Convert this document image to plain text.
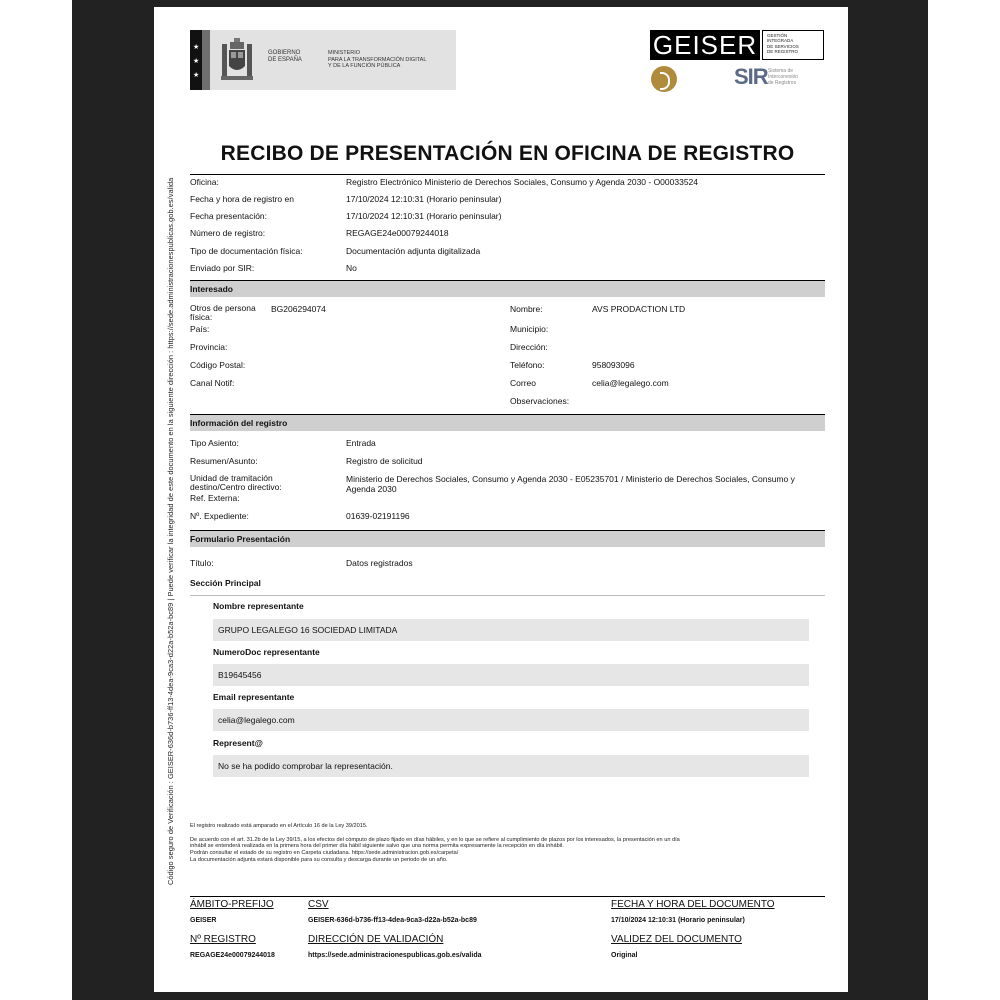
Código seguro de Verificación : GEISER-636d-b736-ff13-4dea-9ca3-d22a-b52a-bc89 | Puede verificar la integridad de este documento en la siguiente dirección : https://sede.administracionespublicas.gob.es/valida
★
★
★
GOBIERNO
DE ESPAÑA
MINISTERIO
PARA LA TRANSFORMACIÓN DIGITAL
Y DE LA FUNCIÓN PÚBLICA
GEISER	GESTIÓN
INTEGRADA
DE SERVICIOS
DE REGISTRO
SIR Sistema de
Interconexión
de Registros
RECIBO DE PRESENTACIÓN EN OFICINA DE REGISTRO
Oficina:	Registro Electrónico Ministerio de Derechos Sociales, Consumo y Agenda 2030 - O00033524
Fecha y hora de registro en	17/10/2024 12:10:31 (Horario peninsular)
Fecha presentación:	17/10/2024 12:10:31 (Horario peninsular)
Número de registro:	REGAGE24e00079244018
Tipo de documentación física:	Documentación adjunta digitalizada
Enviado por SIR:	No
Interesado
Otros de persona
física:
BG206294074
País:
Provincia:
Código Postal:
Canal Notif:
Nombre:	AVS PRODACTION LTD
Municipio:
Dirección:
Teléfono:	958093096
Correo	celia@legalego.com
Observaciones:
Información del registro
Tipo Asiento:	Entrada
Resumen/Asunto:	Registro de solicitud
Unidad de tramitación
destino/Centro directivo:
Ministerio de Derechos Sociales, Consumo y Agenda 2030 - E05235701 / Ministerio de Derechos Sociales, Consumo y Agenda 2030
Ref. Externa:
Nº. Expediente:	01639-02191196
Formulario Presentación
Título:	Datos registrados
Sección Principal
Nombre representante
GRUPO LEGALEGO 16 SOCIEDAD LIMITADA
NumeroDoc representante
B19645456
Email representante
celia@legalego.com
Represent@
No se ha podido comprobar la representación.
El registro realizado está amparado en el Artículo 16 de la Ley 39/2015.
De acuerdo con el art. 31.2b de la Ley 39/15, a los efectos del cómputo de plazo fijado en días hábiles, y en lo que se refiere al cumplimiento de plazos por los interesados, la presentación en un día
inhábil se entenderá realizada en la primera hora del primer día hábil siguiente salvo que una norma permita expresamente la recepción en día inhábil.
Podrán consultar el estado de su registro en Carpeta ciudadana. https://sede.administracion.gob.es/carpeta/
La documentación adjunta estará disponible para su consulta y descarga durante un periodo de un año.
ÁMBITO-PREFIJO	CSV	FECHA Y HORA DEL DOCUMENTO
GEISER	GEISER-636d-b736-ff13-4dea-9ca3-d22a-b52a-bc89	17/10/2024 12:10:31 (Horario peninsular)
Nº REGISTRO	DIRECCIÓN DE VALIDACIÓN	VALIDEZ DEL DOCUMENTO
REGAGE24e00079244018	https://sede.administracionespublicas.gob.es/valida	Original
